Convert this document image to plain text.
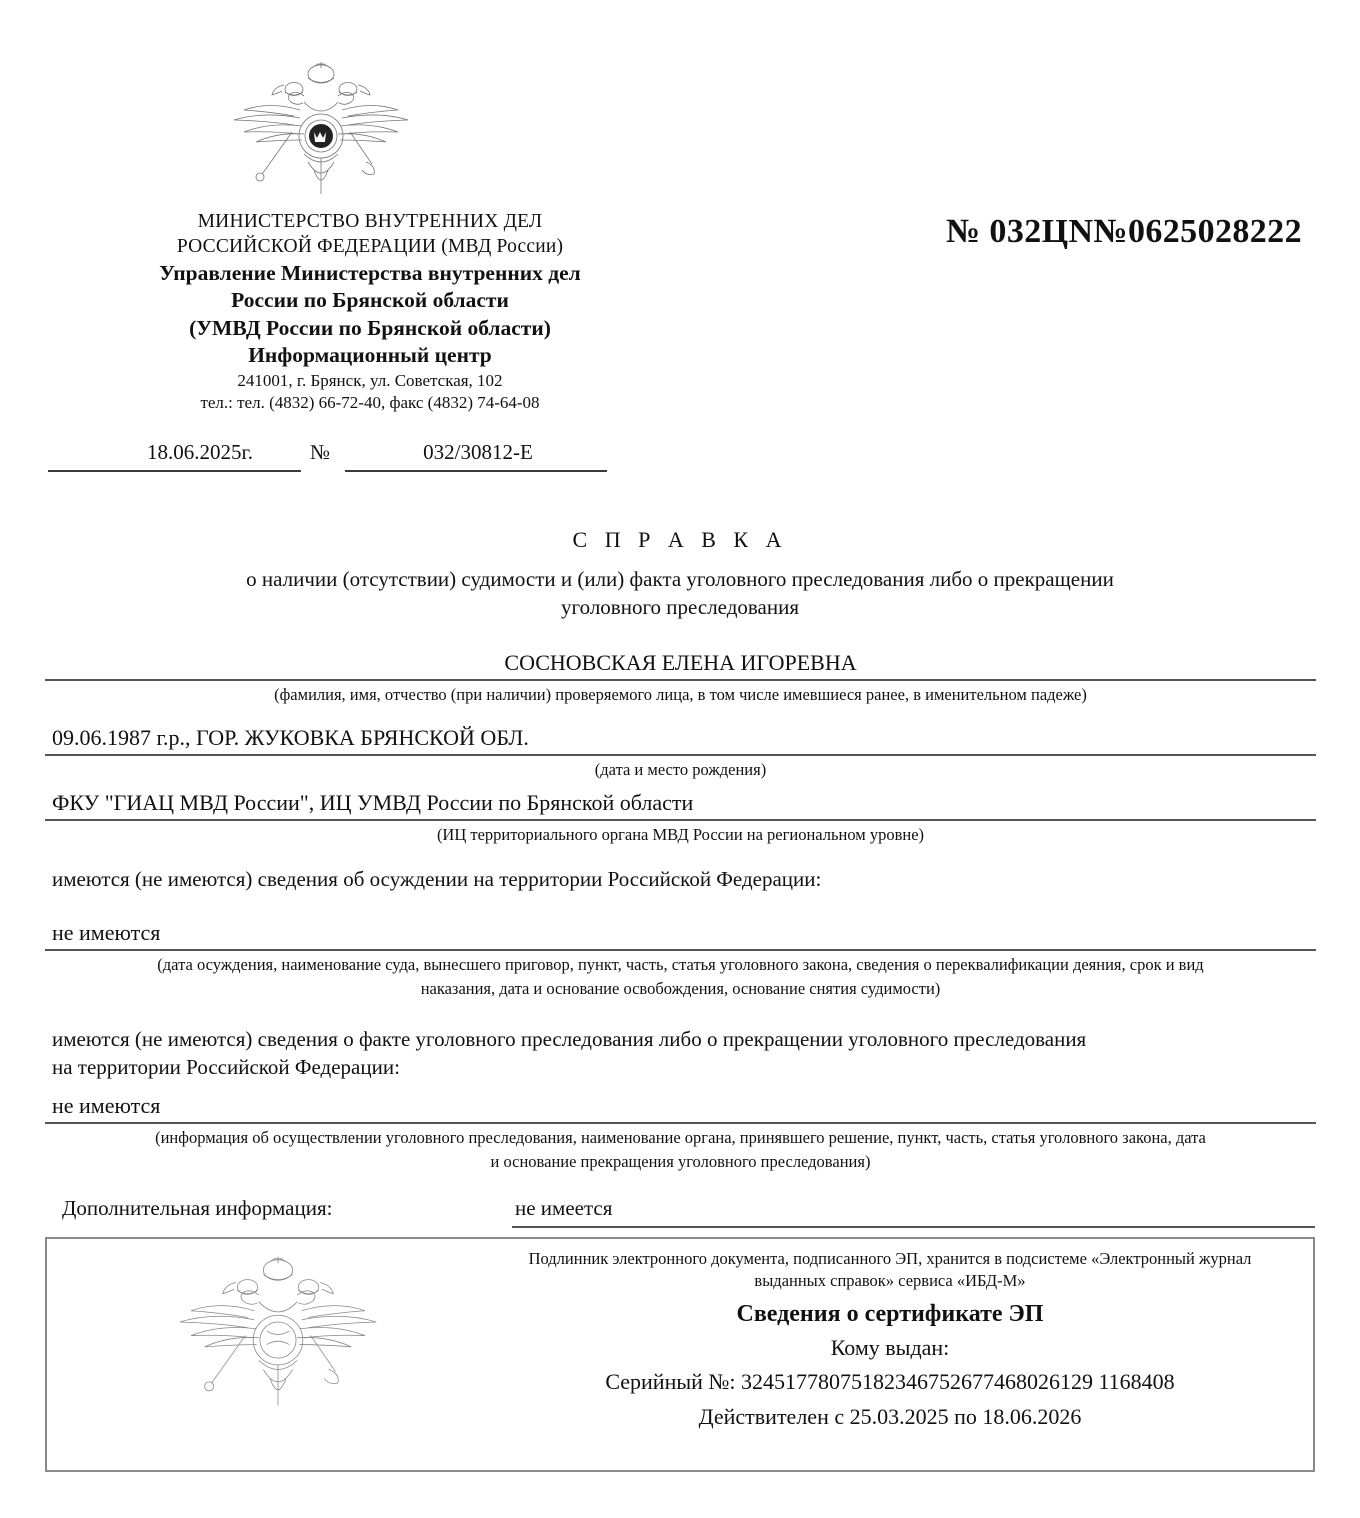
МИНИСТЕРСТВО ВНУТРЕННИХ ДЕЛ
РОССИЙСКОЙ ФЕДЕРАЦИИ (МВД России)
Управление Министерства внутренних дел
России по Брянской области
(УМВД России по Брянской области)
Информационный центр
241001, г. Брянск, ул. Советская, 102
тел.: тел. (4832) 66-72-40, факс (4832) 74-64-08
№ 032ЦN№0625028222
18.06.2025г.	№	032/30812-Е
С П Р А В К А
о наличии (отсутствии) судимости и (или) факта уголовного преследования либо о прекращении
уголовного преследования
СОСНОВСКАЯ ЕЛЕНА ИГОРЕВНА
(фамилия, имя, отчество (при наличии) проверяемого лица, в том числе имевшиеся ранее, в именительном падеже)
09.06.1987 г.р., ГОР. ЖУКОВКА БРЯНСКОЙ ОБЛ.
(дата и место рождения)
ФКУ "ГИАЦ МВД России", ИЦ УМВД России по Брянской области
(ИЦ территориального органа МВД России на региональном уровне)
имеются (не имеются) сведения об осуждении на территории Российской Федерации:
не имеются
(дата осуждения, наименование суда, вынесшего приговор, пункт, часть, статья уголовного закона, сведения о переквалификации деяния, срок и вид
наказания, дата и основание освобождения, основание снятия судимости)
имеются (не имеются) сведения о факте уголовного преследования либо о прекращении уголовного преследования
на территории Российской Федерации:
не имеются
(информация об осуществлении уголовного преследования, наименование органа, принявшего решение, пункт, часть, статья уголовного закона, дата
и основание прекращения уголовного преследования)
Дополнительная информация:	не имеется
Подлинник электронного документа, подписанного ЭП, хранится в подсистеме «Электронный журнал
выданных справок» сервиса «ИБД-М»
Сведения о сертификате ЭП
Кому выдан:
Серийный №: 32451778075182346752677468026129 1168408
Действителен с 25.03.2025 по 18.06.2026
